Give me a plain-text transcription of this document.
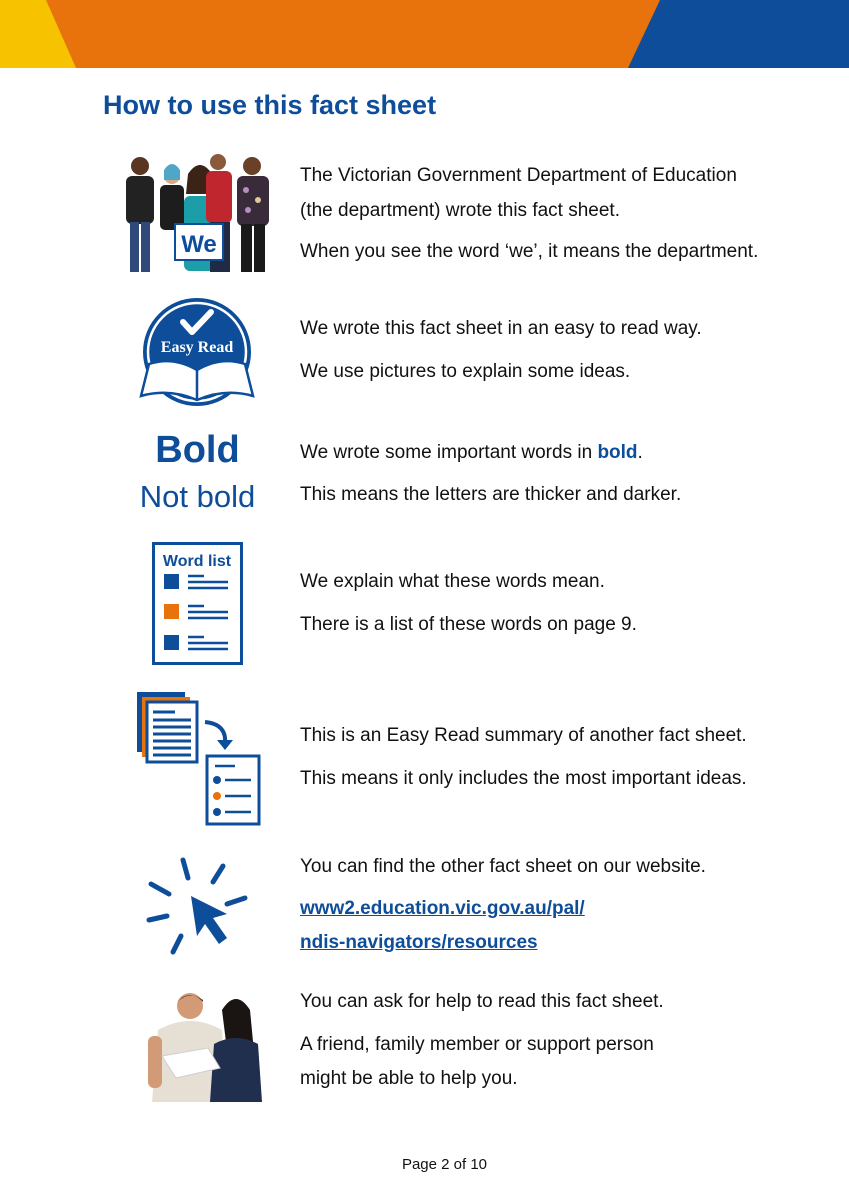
How to use this fact sheet
We

The Victorian Government Department of Education

(the department) wrote this fact sheet.

When you see the word ‘we’, it means the department.

Easy Read

We wrote this fact sheet in an easy to read way.

We use pictures to explain some ideas.

Bold
Not bold

We wrote some important words in bold.

This means the letters are thicker and darker.

Word list

We explain what these words mean.

There is a list of these words on page 9.

This is an Easy Read summary of another fact sheet.

This means it only includes the most important ideas.

You can find the other fact sheet on our website.

www2.education.vic.gov.au/pal/

ndis-navigators/resources

You can ask for help to read this fact sheet.

A friend, family member or support person

might be able to help you.

Page 2 of 10
